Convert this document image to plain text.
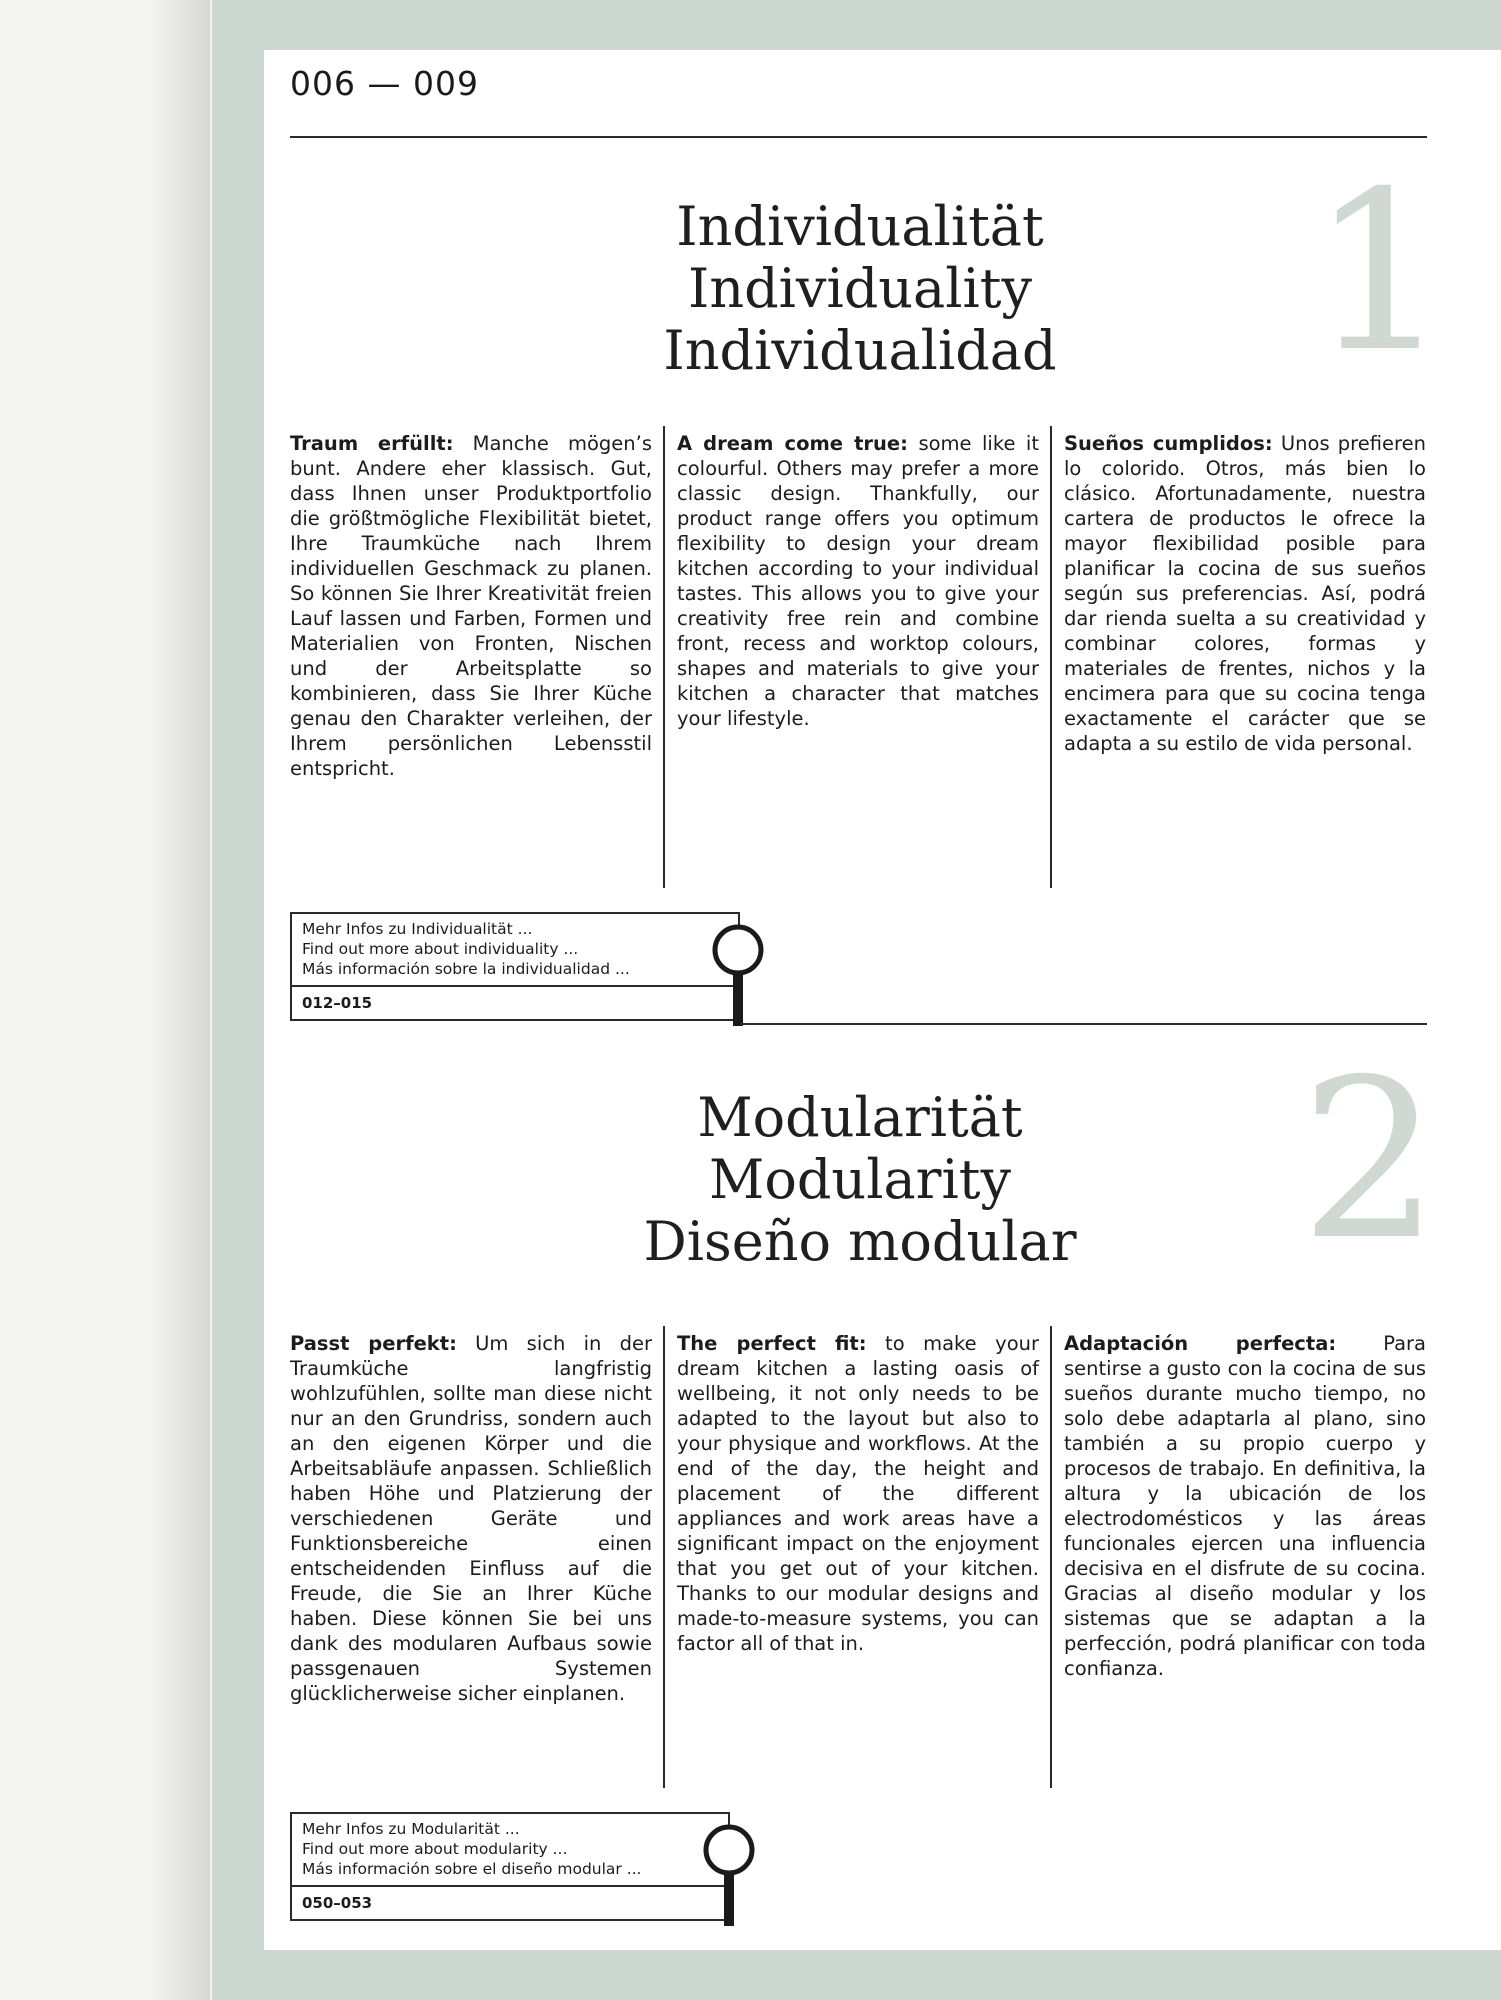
006 — 009
Individualität
Individuality
Individualidad	1
Traum erfüllt: Manche mögen’s bunt. Andere eher klassisch. Gut, dass Ihnen unser Produktportfolio die größtmögliche Flexibilität bietet, Ihre Traumküche nach Ihrem individuellen Geschmack zu planen. So können Sie Ihrer Kreativität freien Lauf lassen und Farben, Formen und Materialien von Fronten, Nischen und der Arbeitsplatte so kombinieren, dass Sie Ihrer Küche genau den Charakter verleihen, der Ihrem persönlichen Lebensstil entspricht.
A dream come true: some like it colourful. Others may prefer a more classic design. Thankfully, our product range offers you optimum flexibility to design your dream kitchen according to your individual tastes. This allows you to give your creativity free rein and combine front, recess and worktop colours, shapes and materials to give your kitchen a character that matches your lifestyle.
Sueños cumplidos: Unos prefieren lo colorido. Otros, más bien lo clásico. Afortunadamente, nuestra cartera de productos le ofrece la mayor flexibilidad posible para planificar la cocina de sus sueños según sus preferencias. Así, podrá dar rienda suelta a su creatividad y combinar colores, formas y materiales de frentes, nichos y la encimera para que su cocina tenga exactamente el carácter que se adapta a su estilo de vida personal.
Mehr Infos zu Individualität ...
Find out more about individuality ...
Más información sobre la individualidad ...
012–015
Modularität
Modularity
Diseño modular	2
Passt perfekt: Um sich in der Traumküche langfristig wohlzufühlen, sollte man diese nicht nur an den Grundriss, sondern auch an den eigenen Körper und die Arbeitsabläufe anpassen. Schließlich haben Höhe und Platzierung der verschiedenen Geräte und Funktionsbereiche einen entscheidenden Einfluss auf die Freude, die Sie an Ihrer Küche haben. Diese können Sie bei uns dank des modularen Aufbaus sowie passgenauen Systemen glücklicherweise sicher einplanen.
The perfect fit: to make your dream kitchen a lasting oasis of wellbeing, it not only needs to be adapted to the layout but also to your physique and workflows. At the end of the day, the height and placement of the different appliances and work areas have a significant impact on the enjoyment that you get out of your kitchen. Thanks to our modular designs and made-to-measure systems, you can factor all of that in.
Adaptación perfecta: Para sentirse a gusto con la cocina de sus sueños durante mucho tiempo, no solo debe adaptarla al plano, sino también a su propio cuerpo y procesos de trabajo. En definitiva, la altura y la ubicación de los electrodomésticos y las áreas funcionales ejercen una influencia decisiva en el disfrute de su cocina. Gracias al diseño modular y los sistemas que se adaptan a la perfección, podrá planificar con toda confianza.
Mehr Infos zu Modularität ...
Find out more about modularity ...
Más información sobre el diseño modular ...
050–053
